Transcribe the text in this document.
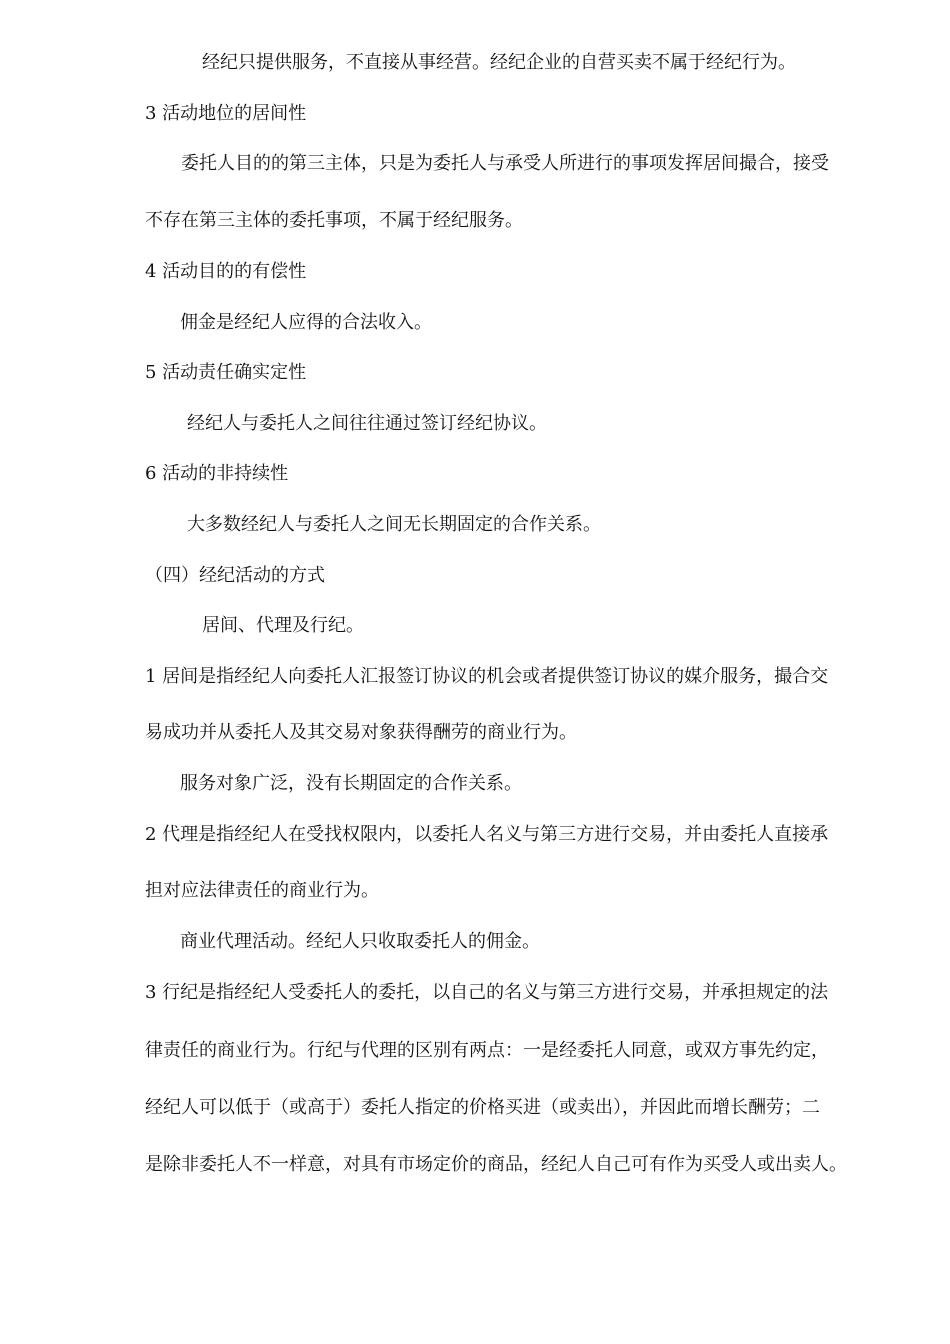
经纪只提供服务，不直接从事经营。经纪企业的自营买卖不属于经纪行为。
3 活动地位的居间性
委托人目的的第三主体，只是为委托人与承受人所进行的事项发挥居间撮合，接受
不存在第三主体的委托事项，不属于经纪服务。
4 活动目的的有偿性
佣金是经纪人应得的合法收入。
5 活动责任确实定性
经纪人与委托人之间往往通过签订经纪协议。
6 活动的非持续性
大多数经纪人与委托人之间无长期固定的合作关系。
（四）经纪活动的方式
居间、代理及行纪。
1 居间是指经纪人向委托人汇报签订协议的机会或者提供签订协议的媒介服务，撮合交
易成功并从委托人及其交易对象获得酬劳的商业行为。
服务对象广泛，没有长期固定的合作关系。
2 代理是指经纪人在受找权限内，以委托人名义与第三方进行交易，并由委托人直接承
担对应法律责任的商业行为。
商业代理活动。经纪人只收取委托人的佣金。
3 行纪是指经纪人受委托人的委托，以自己的名义与第三方进行交易，并承担规定的法
律责任的商业行为。行纪与代理的区别有两点：一是经委托人同意，或双方事先约定，
经纪人可以低于（或高于）委托人指定的价格买进（或卖出），并因此而增长酬劳；二
是除非委托人不一样意，对具有市场定价的商品，经纪人自己可有作为买受人或出卖人。
